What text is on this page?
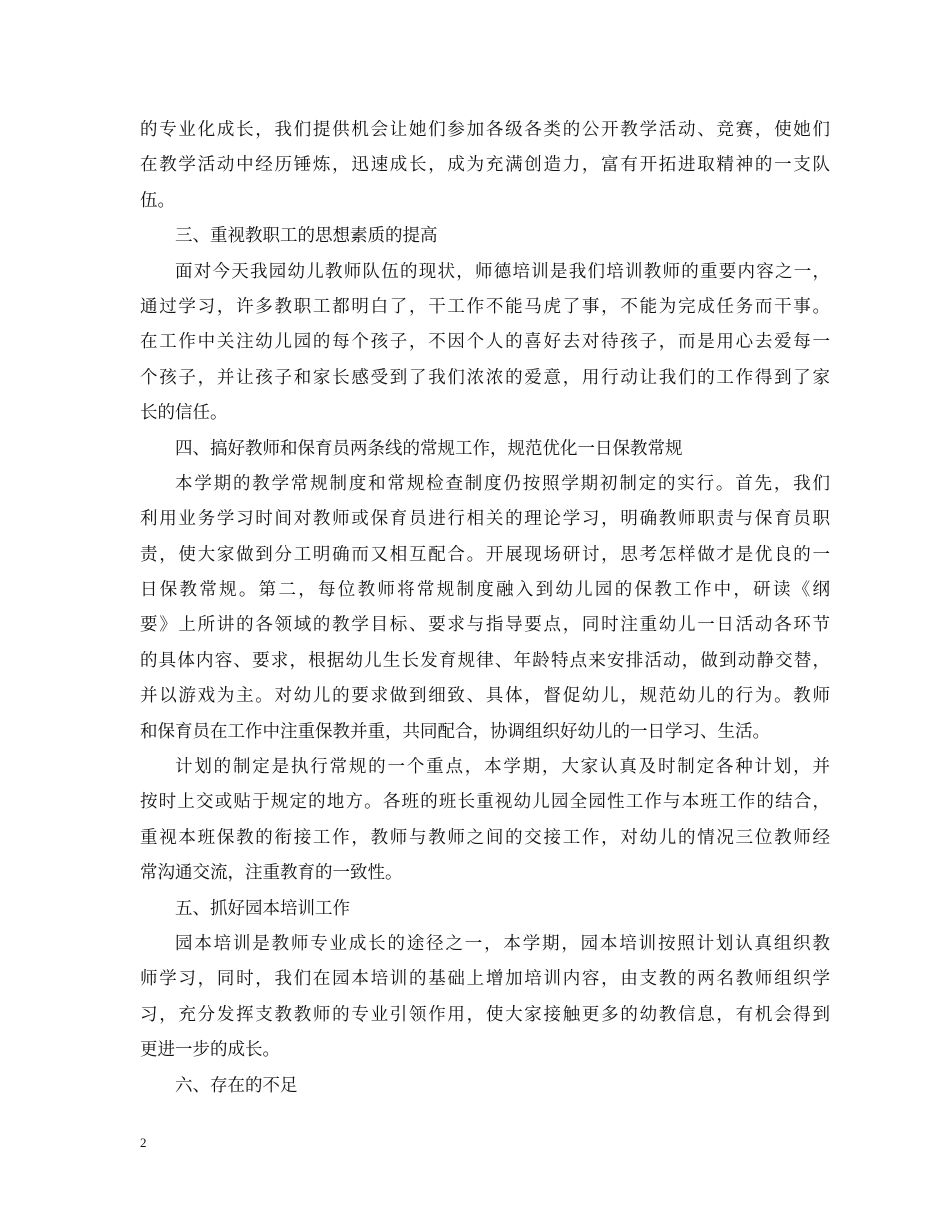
的专业化成长，我们提供机会让她们参加各级各类的公开教学活动、竞赛，使她们
在教学活动中经历锤炼，迅速成长，成为充满创造力，富有开拓进取精神的一支队
伍。
三、重视教职工的思想素质的提高
面对今天我园幼儿教师队伍的现状，师德培训是我们培训教师的重要内容之一，
通过学习，许多教职工都明白了，干工作不能马虎了事，不能为完成任务而干事。
在工作中关注幼儿园的每个孩子，不因个人的喜好去对待孩子，而是用心去爱每一
个孩子，并让孩子和家长感受到了我们浓浓的爱意，用行动让我们的工作得到了家
长的信任。
四、搞好教师和保育员两条线的常规工作，规范优化一日保教常规
本学期的教学常规制度和常规检查制度仍按照学期初制定的实行。首先，我们
利用业务学习时间对教师或保育员进行相关的理论学习，明确教师职责与保育员职
责，使大家做到分工明确而又相互配合。开展现场研讨，思考怎样做才是优良的一
日保教常规。第二，每位教师将常规制度融入到幼儿园的保教工作中，研读《纲
要》上所讲的各领域的教学目标、要求与指导要点，同时注重幼儿一日活动各环节
的具体内容、要求，根据幼儿生长发育规律、年龄特点来安排活动，做到动静交替，
并以游戏为主。对幼儿的要求做到细致、具体，督促幼儿，规范幼儿的行为。教师
和保育员在工作中注重保教并重，共同配合，协调组织好幼儿的一日学习、生活。
计划的制定是执行常规的一个重点，本学期，大家认真及时制定各种计划，并
按时上交或贴于规定的地方。各班的班长重视幼儿园全园性工作与本班工作的结合，
重视本班保教的衔接工作，教师与教师之间的交接工作，对幼儿的情况三位教师经
常沟通交流，注重教育的一致性。
五、抓好园本培训工作
园本培训是教师专业成长的途径之一，本学期，园本培训按照计划认真组织教
师学习，同时，我们在园本培训的基础上增加培训内容，由支教的两名教师组织学
习，充分发挥支教教师的专业引领作用，使大家接触更多的幼教信息，有机会得到
更进一步的成长。
六、存在的不足
2
